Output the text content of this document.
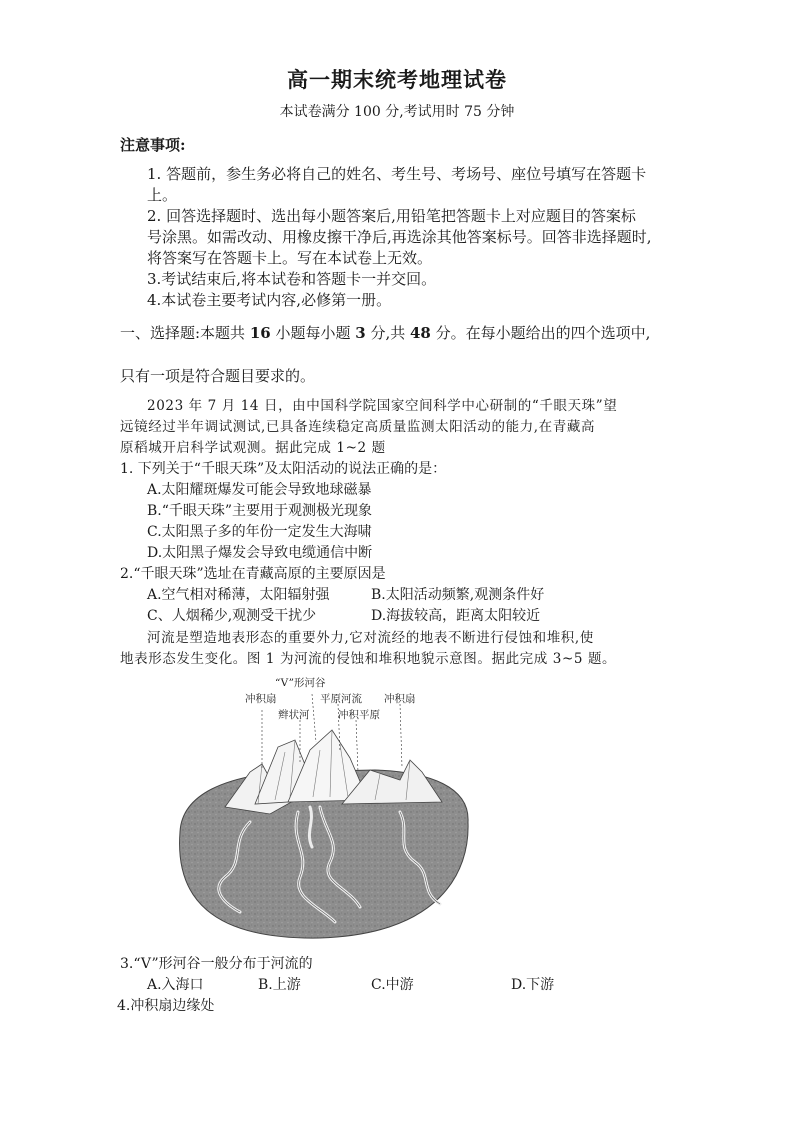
高一期末统考地理试卷
本试卷满分 100 分,考试用时 75 分钟
注意事项:
1. 答题前，参生务必将自己的姓名、考生号、考场号、座位号填写在答题卡
上。
2. 回答选择题时、选出每小题答案后,用铅笔把答题卡上对应题目的答案标
号涂黑。如需改动、用橡皮擦干净后,再选涂其他答案标号。回答非选择题时,
将答案写在答题卡上。写在本试卷上无效。
3.考试结束后,将本试卷和答题卡一并交回。
4.本试卷主要考试内容,必修第一册。
一、选择题:本题共 16 小题每小题 3 分,共 48 分。在每小题给出的四个选项中,
只有一项是符合题目要求的。
2023 年 7 月 14 日，由中国科学院国家空间科学中心研制的“千眼天珠”望
远镜经过半年调试测试,已具备连续稳定高质量监测太阳活动的能力,在青藏高
原稻城开启科学试观测。据此完成 1~2 题
1. 下列关于“千眼天珠”及太阳活动的说法正确的是：
A.太阳耀斑爆发可能会导致地球磁暴
B.“千眼天珠”主要用于观测极光现象
C.太阳黑子多的年份一定发生大海啸
D.太阳黑子爆发会导致电缆通信中断
2.“千眼天珠”选址在青藏高原的主要原因是
A.空气相对稀薄，太阳辐射强	B.太阳活动频繁,观测条件好
C、人烟稀少,观测受干扰少	D.海拔较高，距离太阳较近
河流是塑造地表形态的重要外力,它对流经的地表不断进行侵蚀和堆积,使
地表形态发生变化。图 1 为河流的侵蚀和堆积地貌示意图。据此完成 3~5 题。
“V”形河谷
冲积扇	平原河流 冲积扇
辫状河	冲积平原
3.“V”形河谷一般分布于河流的
A.入海口	B.上游	C.中游	D.下游
4.冲积扇边缘处
